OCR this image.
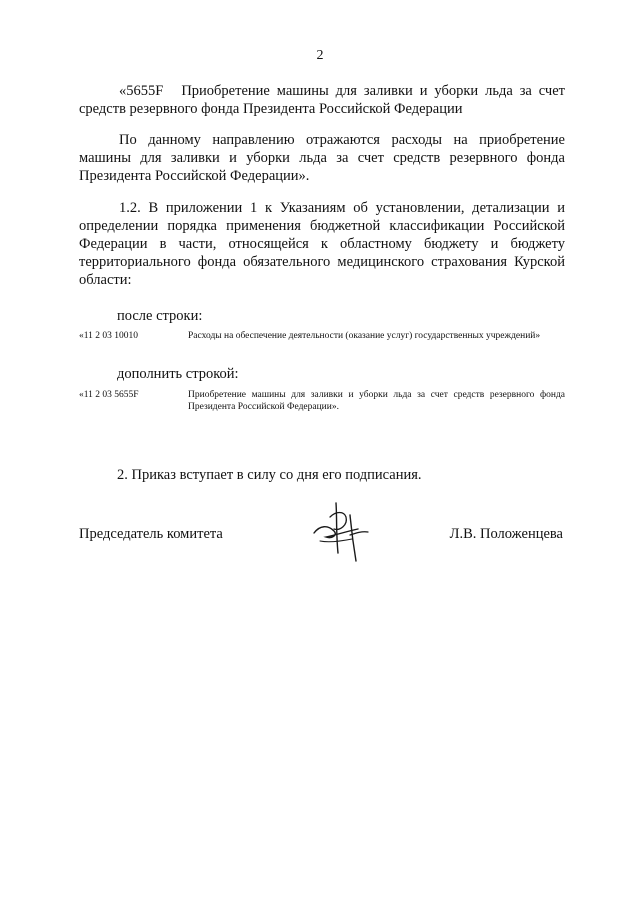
2
«5655F Приобретение машины для заливки и уборки льда за счет средств резервного фонда Президента Российской Федерации
По данному направлению отражаются расходы на приобретение машины для заливки и уборки льда за счет средств резервного фонда Президента Российской Федерации».
1.2. В приложении 1 к Указаниям об установлении, детализации и определении порядка применения бюджетной классификации Российской Федерации в части, относящейся к областному бюджету и бюджету территориального фонда обязательного медицинского страхования Курской области:
после строки:
«11 2 03 10010	Расходы на обеспечение деятельности (оказание услуг) государственных учреждений»
дополнить строкой:
«11 2 03 5655F	Приобретение машины для заливки и уборки льда за счет средств резервного фонда Президента Российской Федерации».
2. Приказ вступает в силу со дня его подписания.
Председатель комитета	Л.В. Положенцева
